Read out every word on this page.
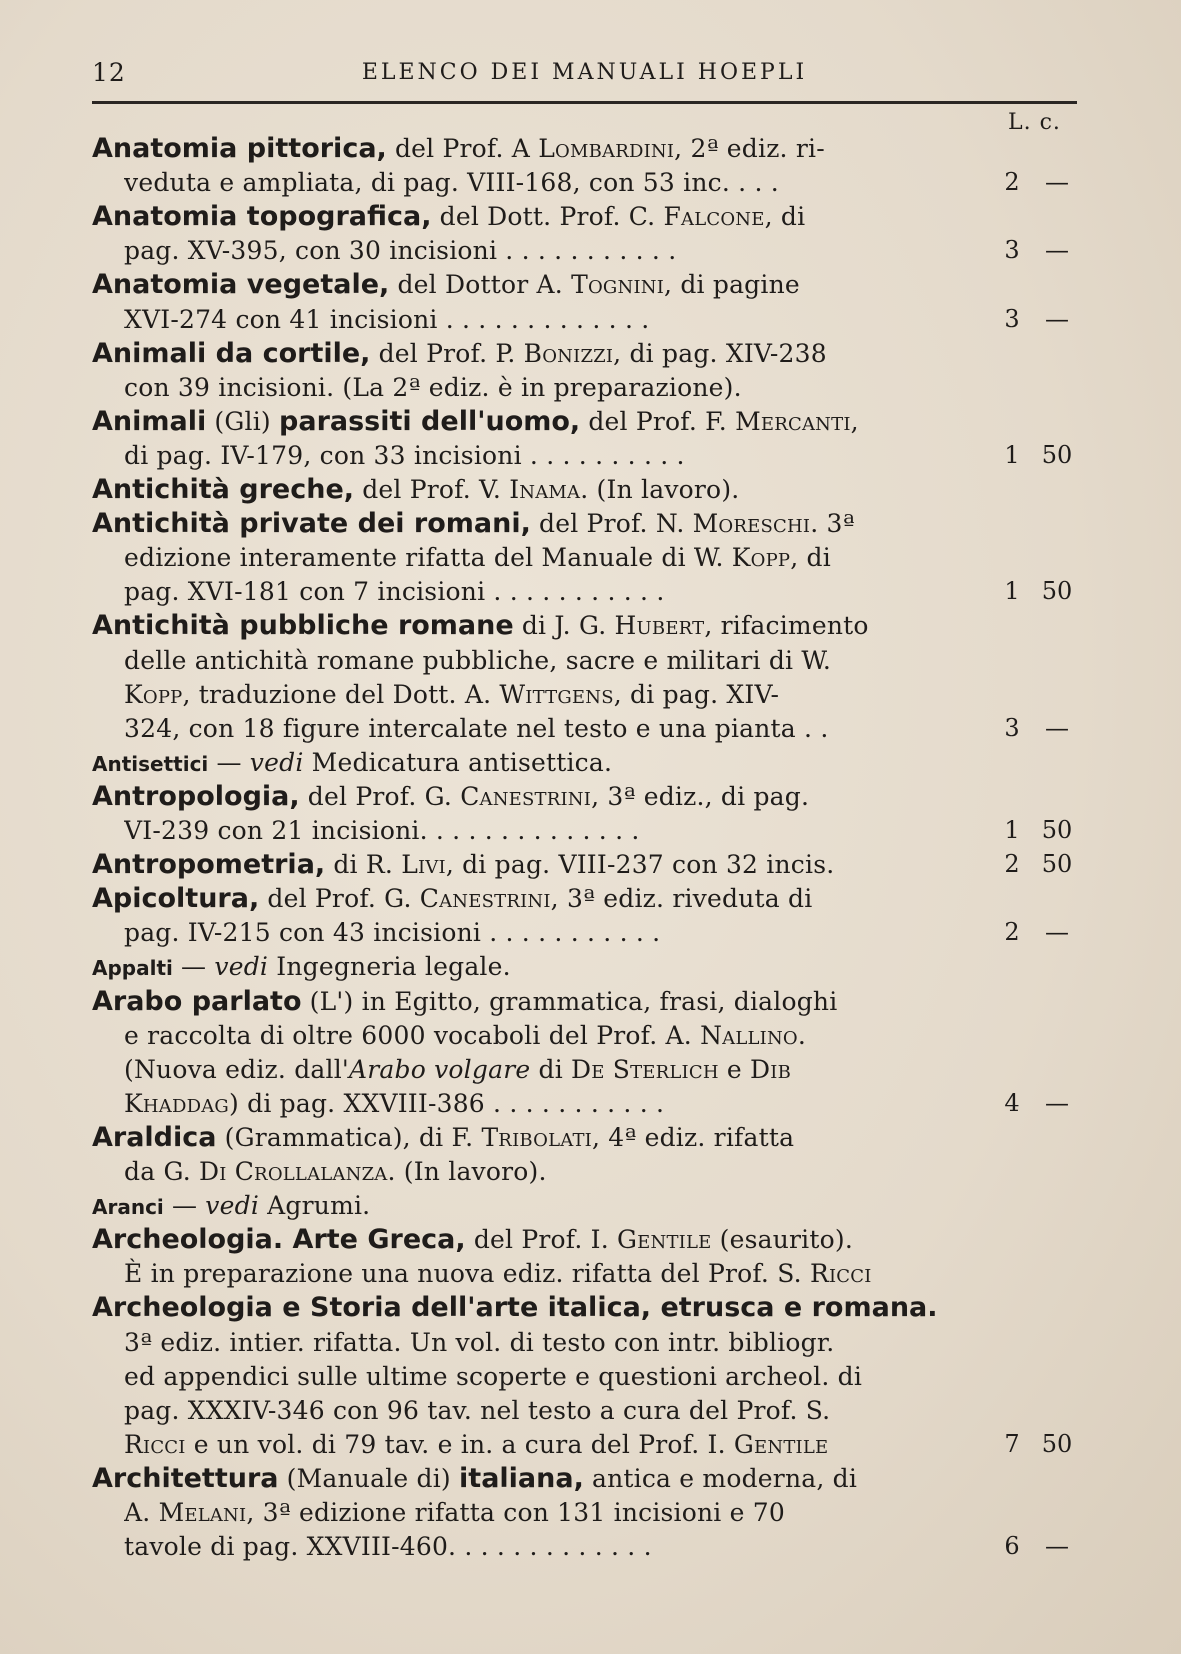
12	ELENCO DEI MANUALI HOEPLI
L. c.
Anatomia pittorica, del Prof. A Lombardini, 2ª ediz. ri-
veduta e ampliata, di pag. VIII-168, con 53 inc. . . .	2	—
Anatomia topografica, del Dott. Prof. C. Falcone, di
pag. XV-395, con 30 incisioni . . . . . . . . . . .	3	—
Anatomia vegetale, del Dottor A. Tognini, di pagine
XVI-274 con 41 incisioni . . . . . . . . . . . . .	3	—
Animali da cortile, del Prof. P. Bonizzi, di pag. XIV-238
con 39 incisioni. (La 2ª ediz. è in preparazione).
Animali (Gli) parassiti dell'uomo, del Prof. F. Mercanti,
di pag. IV-179, con 33 incisioni . . . . . . . . . .	1 50
Antichità greche, del Prof. V. Inama. (In lavoro).
Antichità private dei romani, del Prof. N. Moreschi. 3ª
edizione interamente rifatta del Manuale di W. Kopp, di
pag. XVI-181 con 7 incisioni . . . . . . . . . . .	1 50
Antichità pubbliche romane di J. G. Hubert, rifacimento
delle antichità romane pubbliche, sacre e militari di W.
Kopp, traduzione del Dott. A. Wittgens, di pag. XIV-
324, con 18 figure intercalate nel testo e una pianta . .	3	—
Antisettici — vedi Medicatura antisettica.
Antropologia, del Prof. G. Canestrini, 3ª ediz., di pag.
VI-239 con 21 incisioni. . . . . . . . . . . . . .	1 50
Antropometria, di R. Livi, di pag. VIII-237 con 32 incis.	2 50
Apicoltura, del Prof. G. Canestrini, 3ª ediz. riveduta di
pag. IV-215 con 43 incisioni . . . . . . . . . . .	2	—
Appalti — vedi Ingegneria legale.
Arabo parlato (L') in Egitto, grammatica, frasi, dialoghi
e raccolta di oltre 6000 vocaboli del Prof. A. Nallino.
(Nuova ediz. dall'Arabo volgare di De Sterlich e Dib
Khaddag) di pag. XXVIII-386 . . . . . . . . . . .	4	—
Araldica (Grammatica), di F. Tribolati, 4ª ediz. rifatta
da G. Di Crollalanza. (In lavoro).
Aranci — vedi Agrumi.
Archeologia. Arte Greca, del Prof. I. Gentile (esaurito).
È in preparazione una nuova ediz. rifatta del Prof. S. Ricci
Archeologia e Storia dell'arte italica, etrusca e romana.
3ª ediz. intier. rifatta. Un vol. di testo con intr. bibliogr.
ed appendici sulle ultime scoperte e questioni archeol. di
pag. XXXIV-346 con 96 tav. nel testo a cura del Prof. S.
Ricci e un vol. di 79 tav. e in. a cura del Prof. I. Gentile	7 50
Architettura (Manuale di) italiana, antica e moderna, di
A. Melani, 3ª edizione rifatta con 131 incisioni e 70
tavole di pag. XXVIII-460. . . . . . . . . . . . .	6	—
